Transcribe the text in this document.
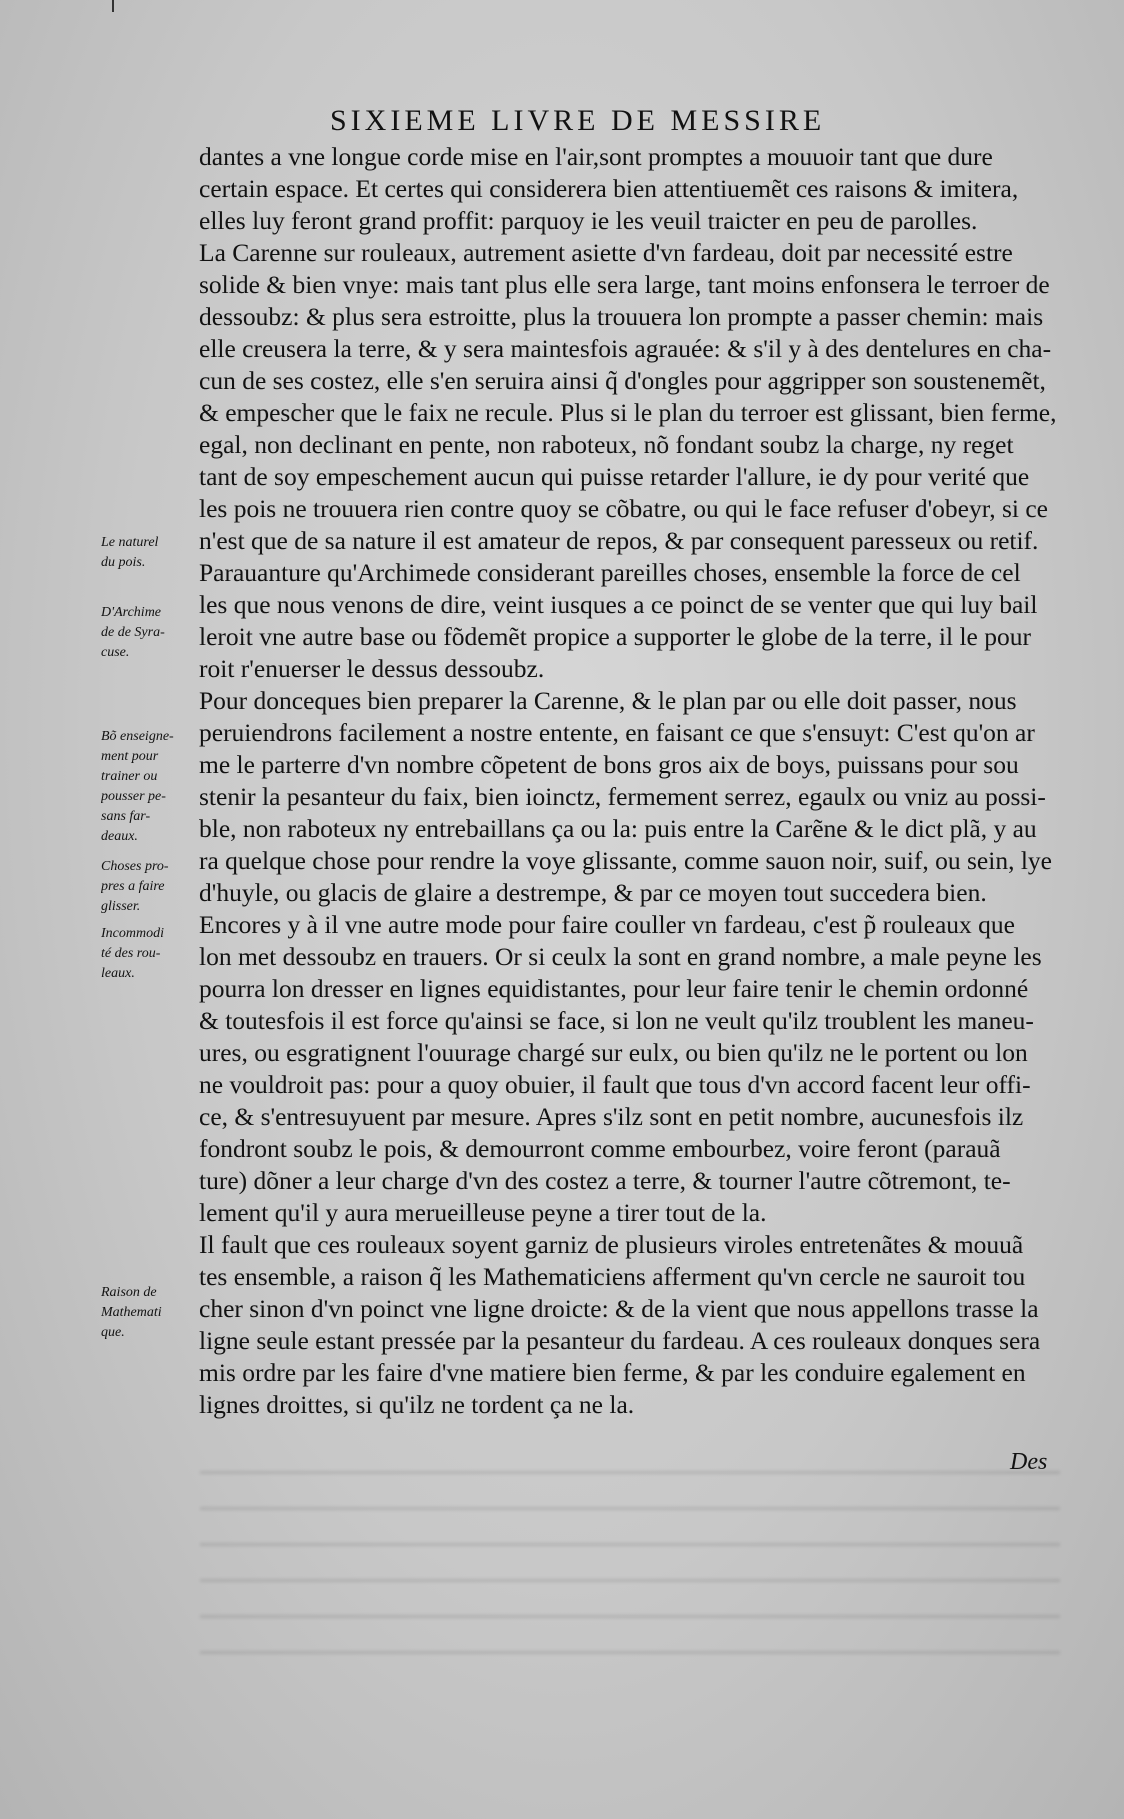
SIXIEME LIVRE DE MESSIRE
dantes a vne longue corde mise en l'air,sont promptes a mouuoir tant que dure
certain espace. Et certes qui considerera bien attentiuemẽt ces raisons & imitera,
elles luy feront grand proffit: parquoy ie les veuil traicter en peu de parolles.
La Carenne sur rouleaux, autrement asiette d'vn fardeau, doit par necessité estre
solide & bien vnye: mais tant plus elle sera large, tant moins enfonsera le terroer de
dessoubz: & plus sera estroitte, plus la trouuera lon prompte a passer chemin: mais
elle creusera la terre, & y sera maintesfois agrauée: & s'il y à des dentelures en cha-
cun de ses costez, elle s'en seruira ainsi q̃ d'ongles pour aggripper son soustenemẽt,
& empescher que le faix ne recule. Plus si le plan du terroer est glissant, bien ferme,
egal, non declinant en pente, non raboteux, nõ fondant soubz la charge, ny reget
tant de soy empeschement aucun qui puisse retarder l'allure, ie dy pour verité que
les pois ne trouuera rien contre quoy se cõbatre, ou qui le face refuser d'obeyr, si ce
n'est que de sa nature il est amateur de repos, & par consequent paresseux ou retif.
Parauanture qu'Archimede considerant pareilles choses, ensemble la force de cel
les que nous venons de dire, veint iusques a ce poinct de se venter que qui luy bail
leroit vne autre base ou fõdemẽt propice a supporter le globe de la terre, il le pour
roit r'enuerser le dessus dessoubz.
Pour donceques bien preparer la Carenne, & le plan par ou elle doit passer, nous
peruiendrons facilement a nostre entente, en faisant ce que s'ensuyt: C'est qu'on ar
me le parterre d'vn nombre cõpetent de bons gros aix de boys, puissans pour sou
stenir la pesanteur du faix, bien ioinctz, fermement serrez, egaulx ou vniz au possi-
ble, non raboteux ny entrebaillans ça ou la: puis entre la Carẽne & le dict plã, y au
ra quelque chose pour rendre la voye glissante, comme sauon noir, suif, ou sein, lye
d'huyle, ou glacis de glaire a destrempe, & par ce moyen tout succedera bien.
Encores y à il vne autre mode pour faire couller vn fardeau, c'est p̃ rouleaux que
lon met dessoubz en trauers. Or si ceulx la sont en grand nombre, a male peyne les
pourra lon dresser en lignes equidistantes, pour leur faire tenir le chemin ordonné
& toutesfois il est force qu'ainsi se face, si lon ne veult qu'ilz troublent les maneu-
ures, ou esgratignent l'ouurage chargé sur eulx, ou bien qu'ilz ne le portent ou lon
ne vouldroit pas: pour a quoy obuier, il fault que tous d'vn accord facent leur offi-
ce, & s'entresuyuent par mesure. Apres s'ilz sont en petit nombre, aucunesfois ilz
fondront soubz le pois, & demourront comme embourbez, voire feront (parauã
ture) dõner a leur charge d'vn des costez a terre, & tourner l'autre cõtremont, te-
lement qu'il y aura merueilleuse peyne a tirer tout de la.
Il fault que ces rouleaux soyent garniz de plusieurs viroles entretenãtes & mouuã
tes ensemble, a raison q̃ les Mathematiciens afferment qu'vn cercle ne sauroit tou
cher sinon d'vn poinct vne ligne droicte: & de la vient que nous appellons trasse la
ligne seule estant pressée par la pesanteur du fardeau. A ces rouleaux donques sera
mis ordre par les faire d'vne matiere bien ferme, & par les conduire egalement en
lignes droittes, si qu'ilz ne tordent ça ne la.
Des
Le naturel
du pois.
D'Archime
de de Syra-
cuse.
Bõ enseigne-
ment pour
trainer ou
pousser pe-
sans far-
deaux.
Choses pro-
pres a faire
glisser.
Incommodi
té des rou-
leaux.
Raison de
Mathemati
que.
